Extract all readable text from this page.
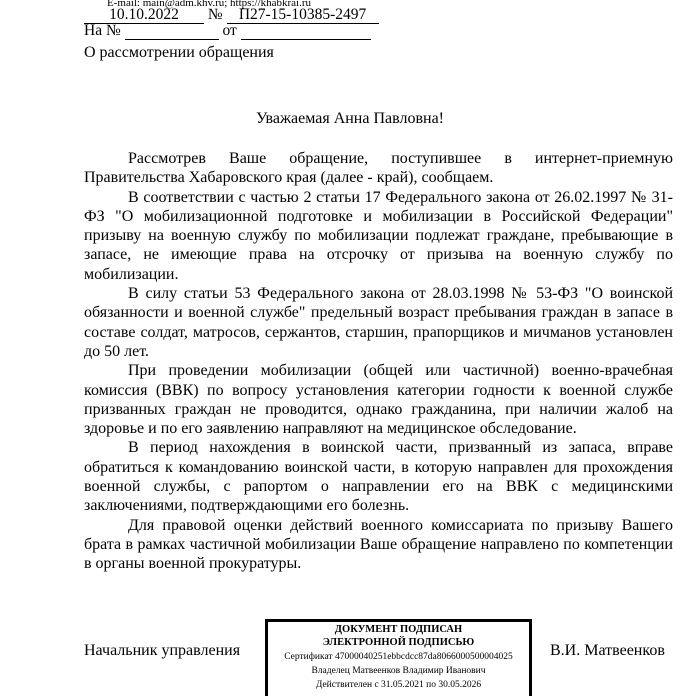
E-mail: main@adm.khv.ru; https://khabkrai.ru
10.10.2022 № П27-15-10385-2497
На №	от
О рассмотрении обращения
Уважаемая Анна Павловна!

Рассмотрев Ваше обращение, поступившее в интернет-приемную Правительства Хабаровского края (далее - край), сообщаем.

В соответствии с частью 2 статьи 17 Федерального закона от 26.02.1997 № 31-ФЗ "О мобилизационной подготовке и мобилизации в Российской Федерации" призыву на военную службу по мобилизации подлежат граждане, пребывающие в запасе, не имеющие права на отсрочку от призыва на военную службу по мобилизации.

В силу статьи 53 Федерального закона от 28.03.1998 № 53-ФЗ "О воинской обязанности и военной службе" предельный возраст пребывания граждан в запасе в составе солдат, матросов, сержантов, старшин, прапорщиков и мичманов установлен до 50 лет.

При проведении мобилизации (общей или частичной) военно-врачебная комиссия (ВВК) по вопросу установления категории годности к военной службе призванных граждан не проводится, однако гражданина, при наличии жалоб на здоровье и по его заявлению направляют на медицинское обследование.

В период нахождения в воинской части, призванный из запаса, вправе обратиться к командованию воинской части, в которую направлен для прохождения военной службы, с рапортом о направлении его на ВВК с медицинскими заключениями, подтверждающими его болезнь.

Для правовой оценки действий военного комиссариата по призыву Вашего брата в рамках частичной мобилизации Ваше обращение направлено по компетенции в органы военной прокуратуры.

Начальник управления
ДОКУМЕНТ ПОДПИСАН
ЭЛЕКТРОННОЙ ПОДПИСЬЮ
Сертификат 47000040251ebbcdcc87da8066000500004025
Владелец Матвеенков Владимир Иванович
Действителен с 31.05.2021 по 30.05.2026
В.И. Матвеенков
